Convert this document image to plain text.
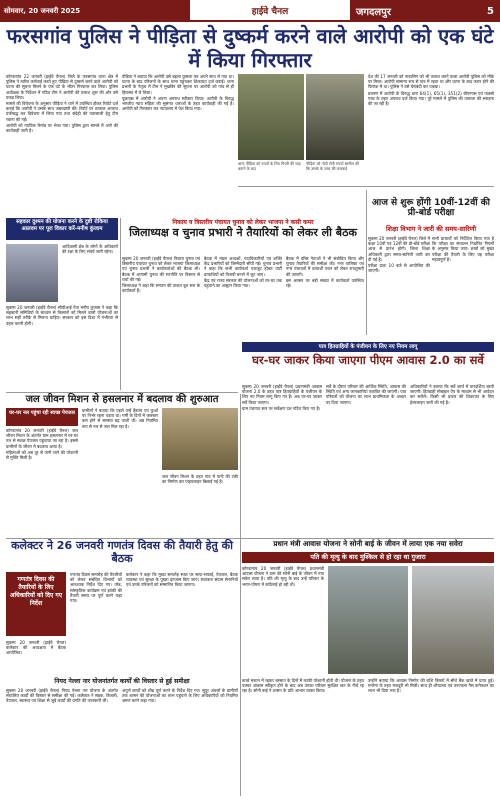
सोमवार, 20 जनवरी 2025	हाईवे चैनल	जगदलपुर	5
फरसगांव पुलिस ने पीड़िता से दुष्कर्म करने वाले आरोपी को एक घंटे में किया गिरफ्तार

कोण्डागांव 22 जनवरी (हाईवे चैनल) जिले के फरसगांव थाना क्षेत्र में पुलिस ने त्वरित कार्रवाई करते हुए पीड़िता से दुष्कर्म करने वाले आरोपी को घटना की सूचना मिलने के एक घंटे के भीतर गिरफ्तार कर लिया। पुलिस अधीक्षक के निर्देशन में गठित टीम ने आरोपी की तलाश शुरू की और उसे पकड़ लिया।

मामले की विवेचना के अनुसार पीड़िता ने थाने में उपस्थित होकर रिपोर्ट दर्ज कराई कि आरोपी ने उसके साथ जबरदस्ती की। रिपोर्ट पर तत्काल अपराध पंजीबद्ध कर विवेचना में लिया गया तथा संदेही की पतासाजी हेतु टीम रवाना की गई।

आरोपी को न्यायिक रिमांड पर भेजा गया। पुलिस द्वारा मामले में आगे की कार्यवाही जारी है।

पीड़िता ने बताया कि आरोपी उसे बहला फुसला कर अपने साथ ले गया था। घटना के बाद परिजनों के साथ थाना पहुंचकर शिकायत दर्ज कराई। थाना प्रभारी के नेतृत्व में टीम ने मुखबिर की सूचना पर आरोपी को गांव से ही हिरासत में ले लिया।

पूछताछ में आरोपी ने अपना अपराध स्वीकार किया। आरोपी के विरुद्ध भारतीय न्याय संहिता की सुसंगत धाराओं के तहत कार्यवाही की गई है। आरोपी को गिरफ्तार कर न्यायालय में पेश किया गया।

थाना पीड़िता को रुपयों के लिए गिरवी की चाह बताने के बाद
पीड़िता को गोदी लेती रुपयों सामील की कि उसके के जाल की कारवाई

देश की 17 जनवरी को नाबालिग को भी तलाश करने वाला आरोपी पुलिस को मौके पर मिला। आरोपी सामान्य रूप से गांव में रहता था और घटना के बाद फरार होने की फिराक में था। पुलिस ने उसे घेराबंदी कर पकड़ा।

प्रकरण में आरोपी के विरुद्ध धारा 64(1), 65(1), 351(2) बीएनएस एवं पाक्सो एक्ट के तहत अपराध दर्ज किया गया। पूरे मामले में पुलिस की तत्परता की सराहना की जा रही है।

सहकार दुश्मन की योजना करने के दुष्टी रोकिया आलवम पर पूरा विकार करें-मनीष कुंजाम

सुकमा 20 जनवरी (हाईवे चैनल) सीपीआई नेता मनीष कुंजाम ने कहा कि सहकारी समितियों के माध्यम से किसानों को मिलने वाली योजनाओं का लाभ सही तरीके से मिलना चाहिए। सरकार को इस दिशा में गंभीरता से पहल करनी होगी।

आदिवासी क्षेत्र के लोगों के अधिकारों की रक्षा के लिए संघर्ष जारी रहेगा।

निकाय व त्रिस्तरीय पंचायत चुनाव को लेकर भाजपा ने कसी कमर
जिलाध्यक्ष व चुनाव प्रभारी ने तैयारियों को लेकर ली बैठक

सुकमा 20 जनवरी (हाईवे चैनल) निकाय चुनाव एवं त्रिस्तरीय पंचायत चुनाव को लेकर भाजपा जिलाध्यक्ष एवं चुनाव प्रभारी ने कार्यकर्ताओं की बैठक ली। बैठक में आगामी चुनाव की रणनीति पर विस्तार से चर्चा की गई।

जिलाध्यक्ष ने कहा कि संगठन की ताकत बूथ स्तर के कार्यकर्ता हैं।

बैठक में मंडल अध्यक्षों, पदाधिकारियों एवं शक्ति केंद्र प्रभारियों को जिम्मेदारी सौंपी गई। चुनाव प्रभारी ने कहा कि सभी कार्यकर्ता एकजुट होकर पार्टी प्रत्याशियों को विजयी बनाने में जुट जाएं।

केंद्र एवं राज्य सरकार की योजनाओं को घर-घर तक पहुंचाने का आह्वान किया गया।

बैठक में वरिष्ठ नेताओं ने भी संबोधित किया और चुनाव तैयारियों की समीक्षा की। नगर पालिका एवं नगर पंचायतों में प्रत्याशी चयन को लेकर रायशुमारी की जाएगी।

इस अवसर पर बड़ी संख्या में कार्यकर्ता उपस्थित रहे।

आज से शुरू होंगी 10वीं-12वीं की प्री-बोर्ड परीक्षा
शिक्षा विभाग ने जारी की समय-सारिणी

सुकमा 20 जनवरी (हाईवे चैनल) जिले में कक्षा 10वीं एवं 12वीं की प्री-बोर्ड परीक्षा आज से प्रारंभ होगी। जिला शिक्षा अधिकारी द्वारा समय-सारिणी जारी कर दी गई है।

परीक्षा प्रातः 10 बजे से आयोजित की जाएगी।

सभी प्राचार्यों को निर्देशित किया गया है कि परीक्षा का संचालन निर्धारित नियमों के अनुसार किया जाए। छात्रों को मुख्य परीक्षा की तैयारी के लिए यह परीक्षा महत्वपूर्ण है।

पात्र हितग्राहियों के पंजीयन के लिए नए नियम लागू
घर-घर जाकर किया जाएगा पीएम आवास 2.0 का सर्वे

सुकमा 20 जनवरी (हाईवे चैनल) प्रधानमंत्री आवास योजना 2.0 के तहत पात्र हितग्राहियों के पंजीयन के लिए नए नियम लागू किए गए हैं। अब घर-घर जाकर सर्वे किया जाएगा।

ग्राम पंचायत स्तर पर सर्वेक्षण दल गठित किए गए हैं।

सर्वे के दौरान परिवार की आर्थिक स्थिति, आवास की स्थिति एवं अन्य जानकारियां एकत्रित की जाएंगी। पात्र परिवारों को योजना का लाभ प्राथमिकता के आधार पर दिया जाएगा।

अधिकारियों ने बताया कि सर्वे कार्य में पारदर्शिता बरती जाएगी। हितग्राही मोबाइल ऐप के माध्यम से भी आवेदन कर सकेंगे। किसी भी प्रकार की शिकायत के लिए हेल्पलाइन जारी की गई है।

जल जीवन मिशन से हसलनार में बदलाव की शुरुआत
घर-घर नल पहुंचा रही स्वच्छ पेयजल

कोण्डागांव 20 जनवरी (हाईवे चैनल) जल जीवन मिशन के अंतर्गत ग्राम हसलनार में घर-घर नल से स्वच्छ पेयजल पहुंचाया जा रहा है। इससे ग्रामीणों के जीवन में बदलाव आया है।

महिलाओं को अब दूर से पानी लाने की परेशानी से मुक्ति मिली है।

ग्रामीणों ने बताया कि पहले उन्हें हैंडपंप एवं कुओं पर निर्भर रहना पड़ता था। गर्मी के दिनों में जलस्तर कम होने से समस्या बढ़ जाती थी। अब नियमित रूप से नल से जल मिल रहा है।

जल जीवन मिशन के तहत गांव में पानी की टंकी का निर्माण कर पाइपलाइन बिछाई गई है।

कलेक्टर ने 26 जनवरी गणतंत्र दिवस की तैयारी हेतु की बैठक
गणतंत्र दिवस की तैयारियों के लिए अधिकारियों को दिए गए निर्देश

सुकमा 20 जनवरी (हाईवे चैनल) कलेक्टर की अध्यक्षता में बैठक आयोजित।

गणतंत्र दिवस समारोह की तैयारियों को लेकर संबंधित विभागों को आवश्यक निर्देश दिए गए। परेड, सांस्कृतिक कार्यक्रम एवं झांकी की तैयारी समय पर पूर्ण करने कहा गया।

कलेक्टर ने कहा कि मुख्य समारोह स्थल पर साफ-सफाई, पेयजल, बैठक व्यवस्था एवं सुरक्षा के पुख्ता इंतजाम किए जाएं। स्वतंत्रता संग्राम सेनानियों एवं उनके परिजनों को सम्मानित किया जाएगा।

नियद नेल्ला नार योजनांतर्गत कार्यों की विस्तार से हुई समीक्षा

सुकमा 20 जनवरी (हाईवे चैनल) नियद नेल्ला नार योजना के अंतर्गत संचालित कार्यों की विस्तार से समीक्षा की गई। कलेक्टर ने सड़क, बिजली, पेयजल, स्वास्थ्य एवं शिक्षा से जुड़े कार्यों की प्रगति की जानकारी ली।

अपूर्ण कार्यों को शीघ्र पूर्ण करने के निर्देश दिए गए। सुदूर अंचलों के ग्रामीणों तक शासन की योजनाओं का लाभ पहुंचाने के लिए अधिकारियों को नियमित भ्रमण करने कहा गया।

प्रधान मंत्री आवास योजना ने सोनी बाई के जीवन में लाया एक नया सवेरा
पति की मृत्यु के बाद मुश्किल से हो रहा था गुजारा

कोण्डागांव 20 जनवरी (हाईवे चैनल) प्रधानमंत्री आवास योजना ने ग्राम की सोनी बाई के जीवन में नया सवेरा लाया है। पति की मृत्यु के बाद उन्हें परिवार के भरण-पोषण में कठिनाई हो रही थी।

कच्चे मकान में रहकर बरसात के दिनों में काफी परेशानी होती थी। योजना के तहत पक्का आवास स्वीकृत होने के बाद अब उनका परिवार सुरक्षित छत के नीचे रह रहा है। सोनी बाई ने शासन के प्रति आभार व्यक्त किया।

उन्होंने बताया कि आवास निर्माण की राशि किस्तों में सीधे बैंक खाते में प्राप्त हुई। मनरेगा के तहत मजदूरी भी मिली। साथ ही शौचालय एवं उज्ज्वला गैस कनेक्शन का लाभ भी दिया गया है।
